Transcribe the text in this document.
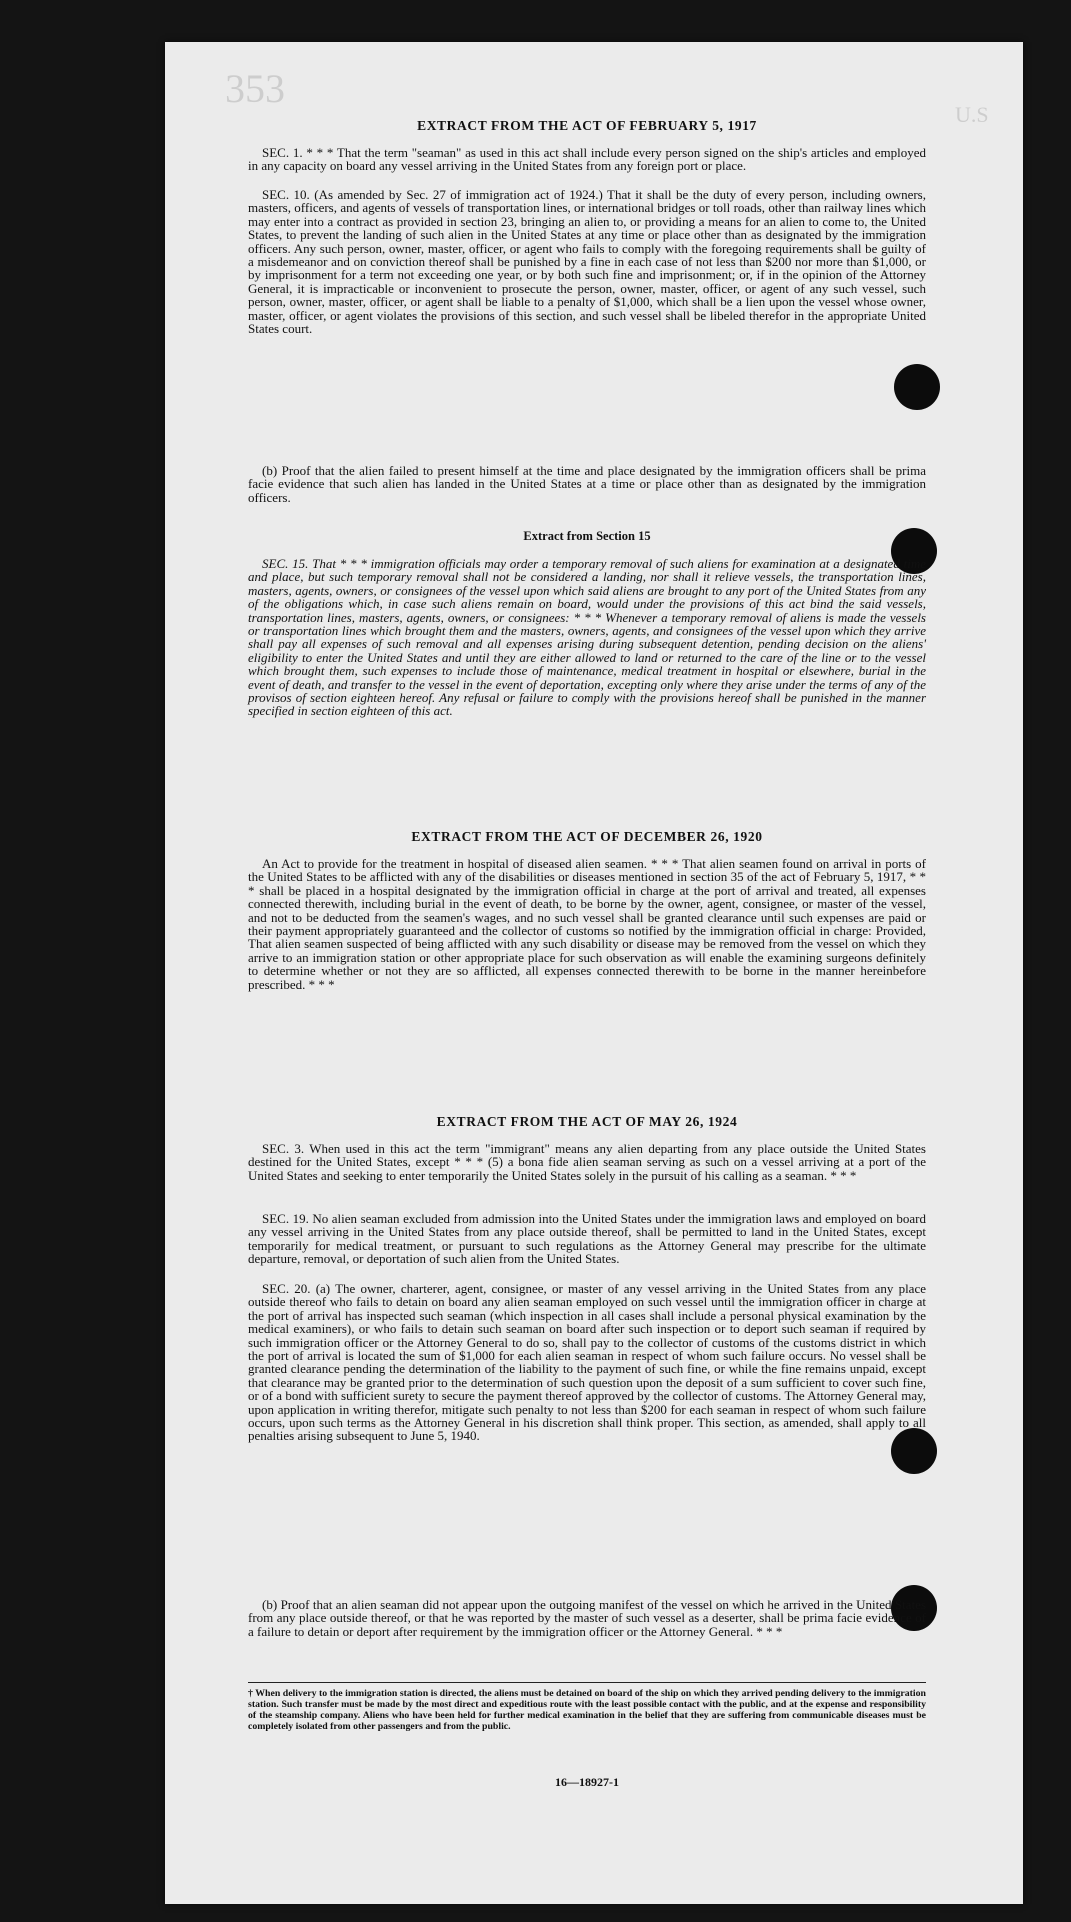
353
U.S
EXTRACT FROM THE ACT OF FEBRUARY 5, 1917

SEC. 1. * * * That the term "seaman" as used in this act shall include every person signed on the ship's articles and employed in any capacity on board any vessel arriving in the United States from any foreign port or place.

SEC. 10. (As amended by Sec. 27 of immigration act of 1924.) That it shall be the duty of every person, including owners, masters, officers, and agents of vessels of transportation lines, or international bridges or toll roads, other than railway lines which may enter into a contract as provided in section 23, bringing an alien to, or providing a means for an alien to come to, the United States, to prevent the landing of such alien in the United States at any time or place other than as designated by the immigration officers. Any such person, owner, master, officer, or agent who fails to comply with the foregoing requirements shall be guilty of a misdemeanor and on conviction thereof shall be punished by a fine in each case of not less than $200 nor more than $1,000, or by imprisonment for a term not exceeding one year, or by both such fine and imprisonment; or, if in the opinion of the Attorney General, it is impracticable or inconvenient to prosecute the person, owner, master, officer, or agent of any such vessel, such person, owner, master, officer, or agent shall be liable to a penalty of $1,000, which shall be a lien upon the vessel whose owner, master, officer, or agent violates the provisions of this section, and such vessel shall be libeled therefor in the appropriate United States court.

(b) Proof that the alien failed to present himself at the time and place designated by the immigration officers shall be prima facie evidence that such alien has landed in the United States at a time or place other than as designated by the immigration officers.

Extract from Section 15

SEC. 15. That * * * immigration officials may order a temporary removal of such aliens for examination at a designated time and place, but such temporary removal shall not be considered a landing, nor shall it relieve vessels, the transportation lines, masters, agents, owners, or consignees of the vessel upon which said aliens are brought to any port of the United States from any of the obligations which, in case such aliens remain on board, would under the provisions of this act bind the said vessels, transportation lines, masters, agents, owners, or consignees: * * * Whenever a temporary removal of aliens is made the vessels or transportation lines which brought them and the masters, owners, agents, and consignees of the vessel upon which they arrive shall pay all expenses of such removal and all expenses arising during subsequent detention, pending decision on the aliens' eligibility to enter the United States and until they are either allowed to land or returned to the care of the line or to the vessel which brought them, such expenses to include those of maintenance, medical treatment in hospital or elsewhere, burial in the event of death, and transfer to the vessel in the event of deportation, excepting only where they arise under the terms of any of the provisos of section eighteen hereof. Any refusal or failure to comply with the provisions hereof shall be punished in the manner specified in section eighteen of this act.

EXTRACT FROM THE ACT OF DECEMBER 26, 1920

An Act to provide for the treatment in hospital of diseased alien seamen. * * * That alien seamen found on arrival in ports of the United States to be afflicted with any of the disabilities or diseases mentioned in section 35 of the act of February 5, 1917, * * * shall be placed in a hospital designated by the immigration official in charge at the port of arrival and treated, all expenses connected therewith, including burial in the event of death, to be borne by the owner, agent, consignee, or master of the vessel, and not to be deducted from the seamen's wages, and no such vessel shall be granted clearance until such expenses are paid or their payment appropriately guaranteed and the collector of customs so notified by the immigration official in charge: Provided, That alien seamen suspected of being afflicted with any such disability or disease may be removed from the vessel on which they arrive to an immigration station or other appropriate place for such observation as will enable the examining surgeons definitely to determine whether or not they are so afflicted, all expenses connected therewith to be borne in the manner hereinbefore prescribed. * * *

EXTRACT FROM THE ACT OF MAY 26, 1924

SEC. 3. When used in this act the term "immigrant" means any alien departing from any place outside the United States destined for the United States, except * * * (5) a bona fide alien seaman serving as such on a vessel arriving at a port of the United States and seeking to enter temporarily the United States solely in the pursuit of his calling as a seaman. * * *

SEC. 19. No alien seaman excluded from admission into the United States under the immigration laws and employed on board any vessel arriving in the United States from any place outside thereof, shall be permitted to land in the United States, except temporarily for medical treatment, or pursuant to such regulations as the Attorney General may prescribe for the ultimate departure, removal, or deportation of such alien from the United States.

SEC. 20. (a) The owner, charterer, agent, consignee, or master of any vessel arriving in the United States from any place outside thereof who fails to detain on board any alien seaman employed on such vessel until the immigration officer in charge at the port of arrival has inspected such seaman (which inspection in all cases shall include a personal physical examination by the medical examiners), or who fails to detain such seaman on board after such inspection or to deport such seaman if required by such immigration officer or the Attorney General to do so, shall pay to the collector of customs of the customs district in which the port of arrival is located the sum of $1,000 for each alien seaman in respect of whom such failure occurs. No vessel shall be granted clearance pending the determination of the liability to the payment of such fine, or while the fine remains unpaid, except that clearance may be granted prior to the determination of such question upon the deposit of a sum sufficient to cover such fine, or of a bond with sufficient surety to secure the payment thereof approved by the collector of customs. The Attorney General may, upon application in writing therefor, mitigate such penalty to not less than $200 for each seaman in respect of whom such failure occurs, upon such terms as the Attorney General in his discretion shall think proper. This section, as amended, shall apply to all penalties arising subsequent to June 5, 1940.

(b) Proof that an alien seaman did not appear upon the outgoing manifest of the vessel on which he arrived in the United States from any place outside thereof, or that he was reported by the master of such vessel as a deserter, shall be prima facie evidence of a failure to detain or deport after requirement by the immigration officer or the Attorney General. * * *

† When delivery to the immigration station is directed, the aliens must be detained on board of the ship on which they arrived pending delivery to the immigration station. Such transfer must be made by the most direct and expeditious route with the least possible contact with the public, and at the expense and responsibility of the steamship company. Aliens who have been held for further medical examination in the belief that they are suffering from communicable diseases must be completely isolated from other passengers and from the public.
16—18927-1
